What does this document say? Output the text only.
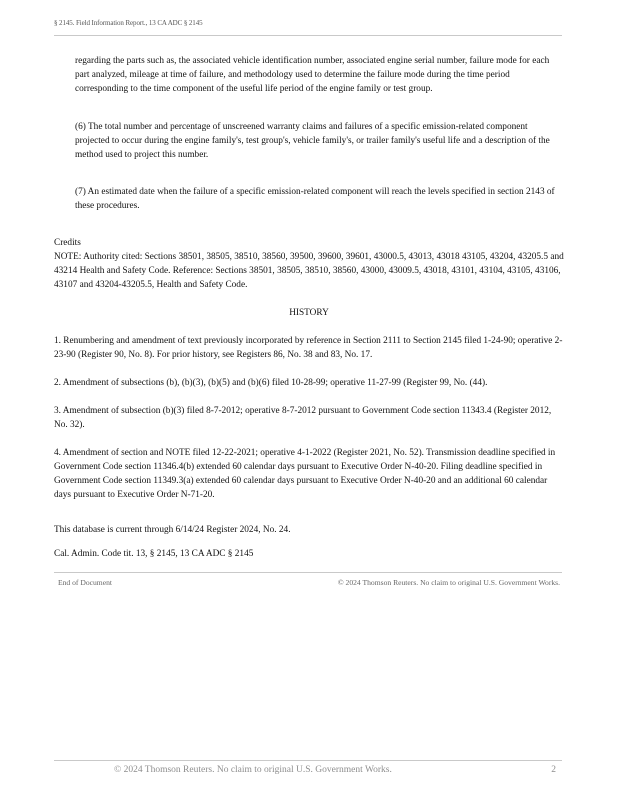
§ 2145. Field Information Report., 13 CA ADC § 2145

regarding the parts such as, the associated vehicle identification number, associated engine serial number, failure mode for each part analyzed, mileage at time of failure, and methodology used to determine the failure mode during the time period corresponding to the time component of the useful life period of the engine family or test group.

(6) The total number and percentage of unscreened warranty claims and failures of a specific emission-related component projected to occur during the engine family's, test group's, vehicle family's, or trailer family's useful life and a description of the method used to project this number.

(7) An estimated date when the failure of a specific emission-related component will reach the levels specified in section 2143 of these procedures.

Credits

NOTE: Authority cited: Sections 38501, 38505, 38510, 38560, 39500, 39600, 39601, 43000.5, 43013, 43018 43105, 43204, 43205.5 and 43214 Health and Safety Code. Reference: Sections 38501, 38505, 38510, 38560, 43000, 43009.5, 43018, 43101, 43104, 43105, 43106, 43107 and 43204-43205.5, Health and Safety Code.

HISTORY

1. Renumbering and amendment of text previously incorporated by reference in Section 2111 to Section 2145 filed 1-24-90; operative 2-23-90 (Register 90, No. 8). For prior history, see Registers 86, No. 38 and 83, No. 17.

2. Amendment of subsections (b), (b)(3), (b)(5) and (b)(6) filed 10-28-99; operative 11-27-99 (Register 99, No. (44).

3. Amendment of subsection (b)(3) filed 8-7-2012; operative 8-7-2012 pursuant to Government Code section 11343.4 (Register 2012, No. 32).

4. Amendment of section and NOTE filed 12-22-2021; operative 4-1-2022 (Register 2021, No. 52). Transmission deadline specified in Government Code section 11346.4(b) extended 60 calendar days pursuant to Executive Order N-40-20. Filing deadline specified in Government Code section 11349.3(a) extended 60 calendar days pursuant to Executive Order N-40-20 and an additional 60 calendar days pursuant to Executive Order N-71-20.

This database is current through 6/14/24 Register 2024, No. 24.

Cal. Admin. Code tit. 13, § 2145, 13 CA ADC § 2145

End of Document	© 2024 Thomson Reuters. No claim to original U.S. Government Works.
© 2024 Thomson Reuters. No claim to original U.S. Government Works.	2
